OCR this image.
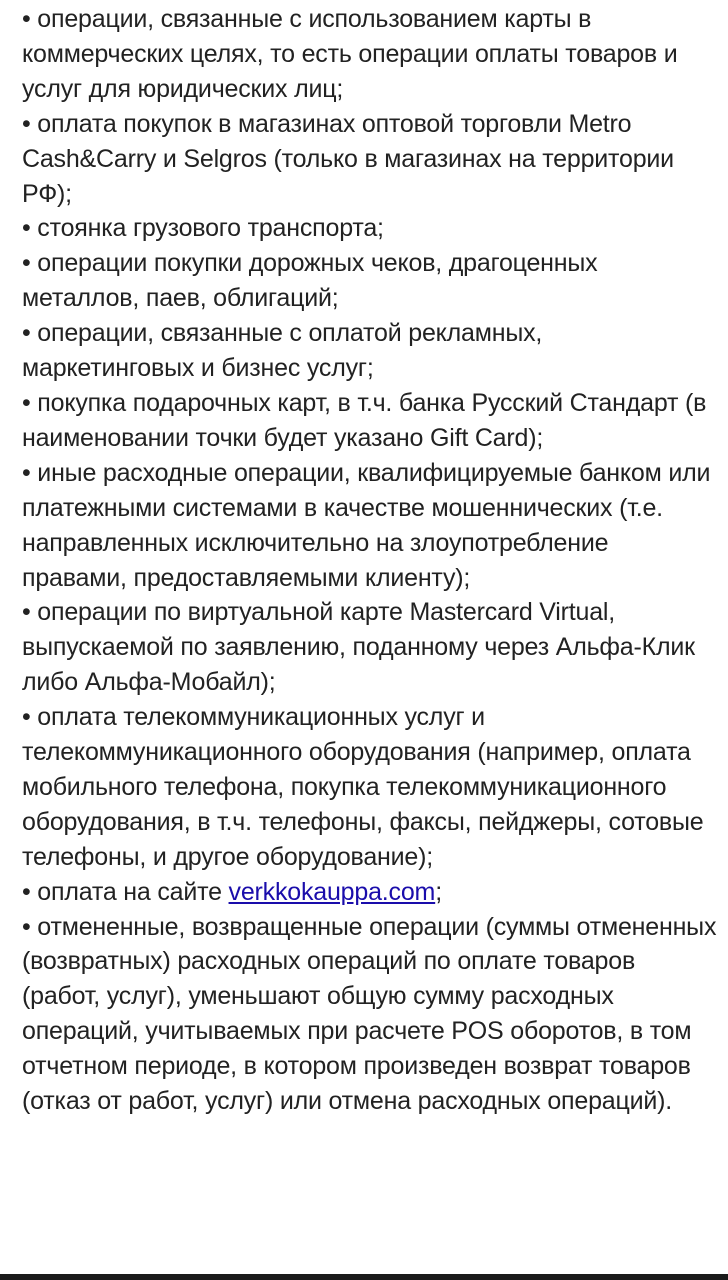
• операции, связанные с использованием карты в коммерческих целях, то есть операции оплаты товаров и услуг для юридических лиц;

• оплата покупок в магазинах оптовой торговли Metro Cash&Carry и Selgros (только в магазинах на территории РФ);

• стоянка грузового транспорта;

• операции покупки дорожных чеков, драгоценных металлов, паев, облигаций;

• операции, связанные с оплатой рекламных, маркетинговых и бизнес услуг;

• покупка подарочных карт, в т.ч. банка Русский Стандарт (в наименовании точки будет указано Gift Card);

• иные расходные операции, квалифицируемые банком или платежными системами в качестве мошеннических (т.е. направленных исключительно на злоупотребление правами, предоставляемыми клиенту);

• операции по виртуальной карте Mastercard Virtual, выпускаемой по заявлению, поданному через Альфа-Клик либо Альфа-Мобайл);

• оплата телекоммуникационных услуг и телекоммуникационного оборудования (например, оплата мобильного телефона, покупка телекоммуникационного оборудования, в т.ч. телефоны, факсы, пейджеры, сотовые телефоны, и другое оборудование);

• оплата на сайте verkkokauppa.com;

• отмененные, возвращенные операции (суммы отмененных (возвратных) расходных операций по оплате товаров (работ, услуг), уменьшают общую сумму расходных операций, учитываемых при расчете POS оборотов, в том отчетном периоде, в котором произведен возврат товаров (отказ от работ, услуг) или отмена расходных операций).
